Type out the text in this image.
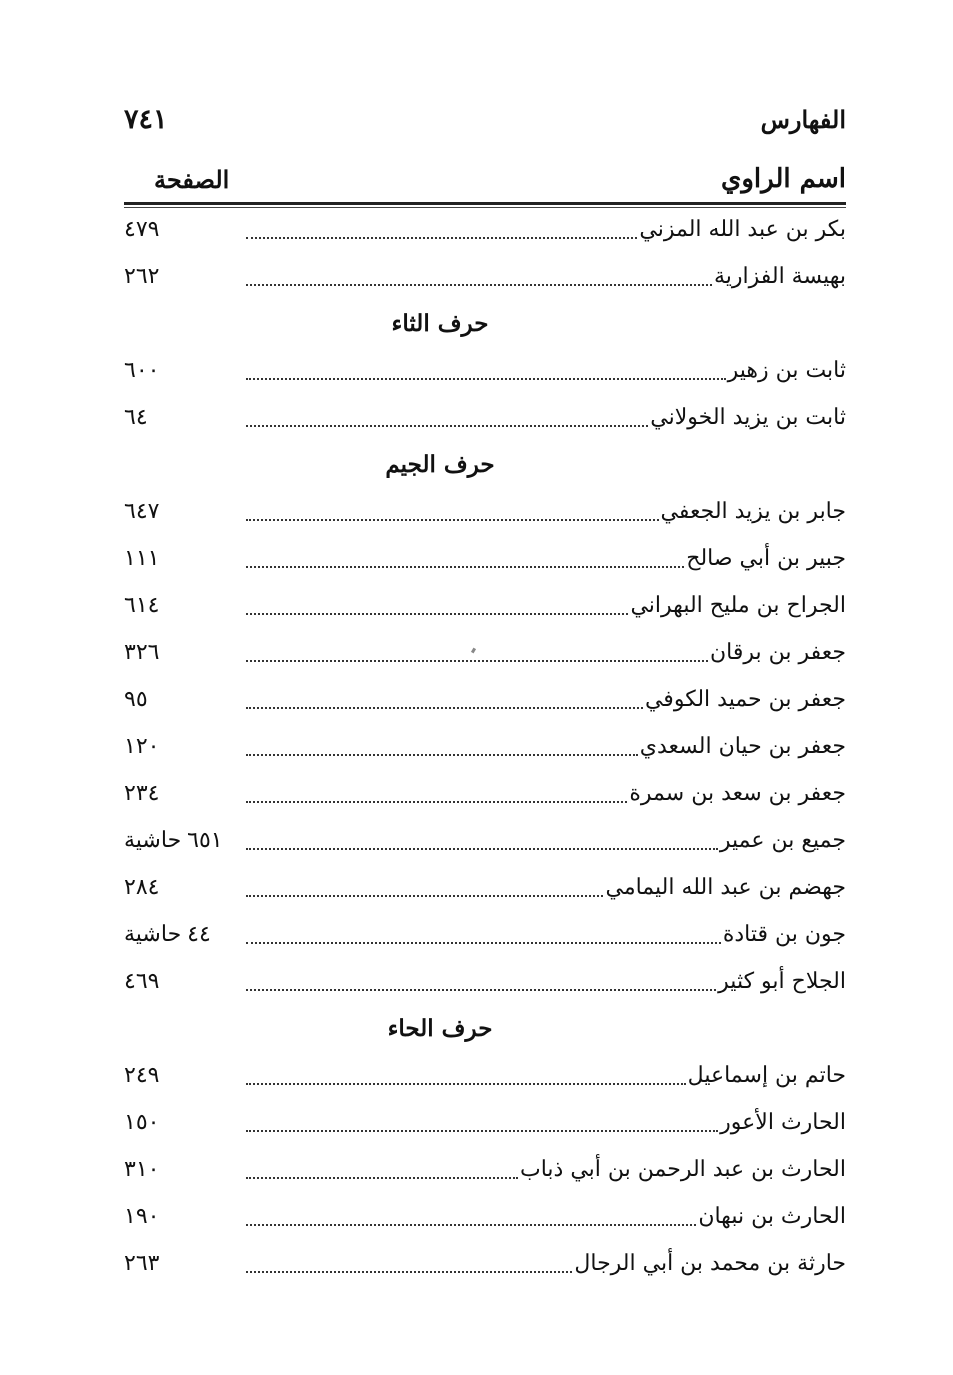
٧٤١	الفهارس
الصفحة	اسم الراوي
بكر بن عبد الله المزني
٤٧٩
بهيسة الفزارية
٢٦٢
حرف الثاء
ثابت بن زهير
٦٠٠
ثابت بن يزيد الخولاني
٦٤
حرف الجيم
جابر بن يزيد الجعفي
٦٤٧
جبير بن أبي صالح
١١١
الجراح بن مليح البهراني
٦١٤
جعفر بن برقان
٣٢٦
جعفر بن حميد الكوفي
٩٥
جعفر بن حيان السعدي
١٢٠
جعفر بن سعد بن سمرة
٢٣٤
جميع بن عمير
٦٥١حاشية
جهضم بن عبد الله اليمامي
٢٨٤
جون بن قتادة
٤٤حاشية
الجلاح أبو كثير
٤٦٩
حرف الحاء
حاتم بن إسماعيل
٢٤٩
الحارث الأعور
١٥٠
الحارث بن عبد الرحمن بن أبي ذباب
٣١٠
الحارث بن نبهان
١٩٠
حارثة بن محمد بن أبي الرجال
٢٦٣
